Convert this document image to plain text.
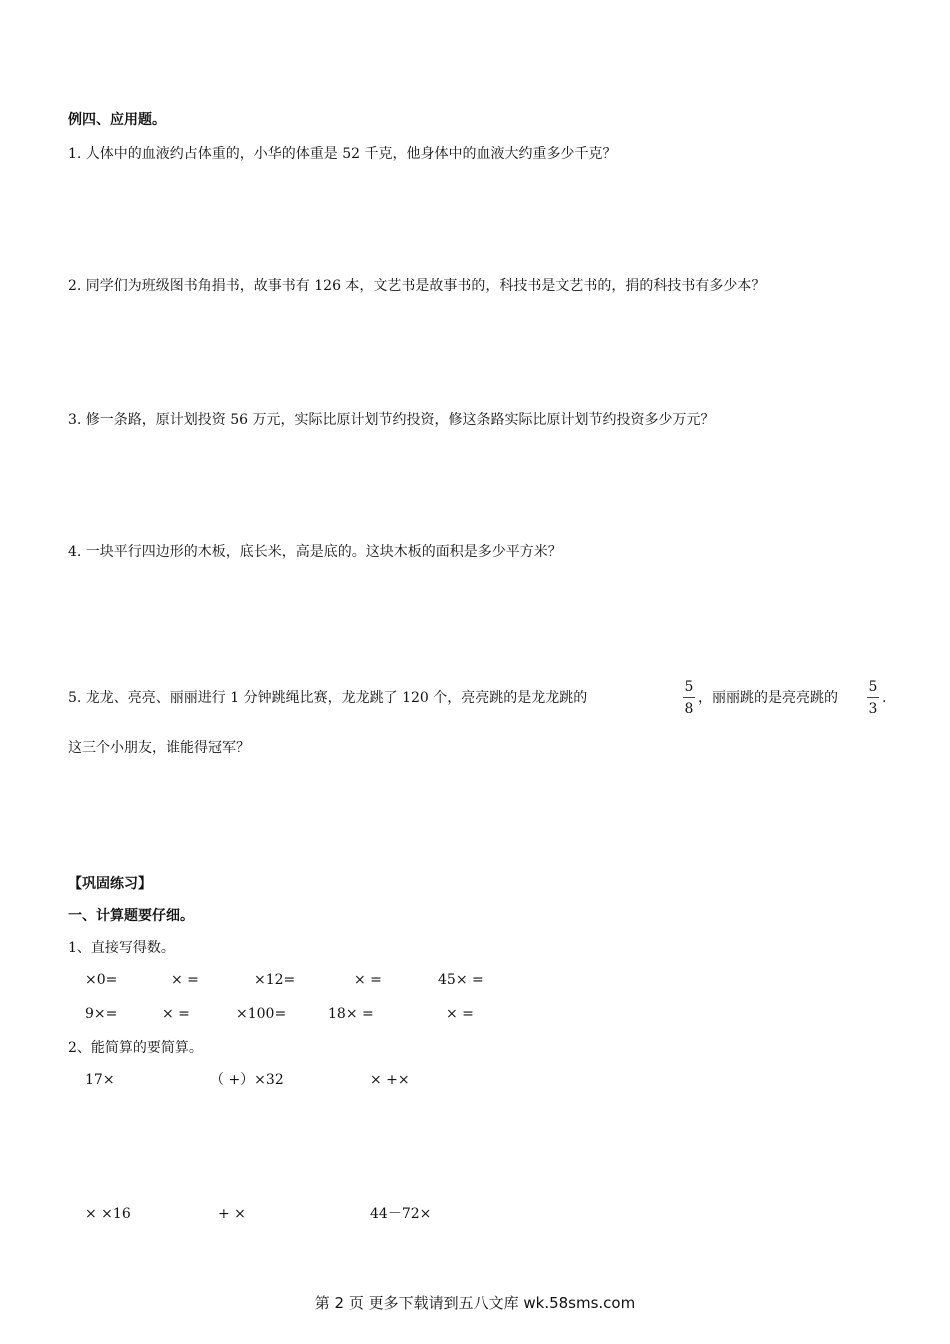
例四、应用题。
1. 人体中的血液约占体重的，小华的体重是 52 千克，他身体中的血液大约重多少千克？
2. 同学们为班级图书角捐书，故事书有 126 本，文艺书是故事书的，科技书是文艺书的，捐的科技书有多少本？
3. 修一条路，原计划投资 56 万元，实际比原计划节约投资，修这条路实际比原计划节约投资多少万元？
4. 一块平行四边形的木板，底长米，高是底的。这块木板的面积是多少平方米？
5. 龙龙、亮亮、丽丽进行 1 分钟跳绳比赛，龙龙跳了 120 个，亮亮跳的是龙龙跳的
5
8
，丽丽跳的是亮亮跳的
5
3
.
这三个小朋友，谁能得冠军？
【巩固练习】
一、计算题要仔细。
1、直接写得数。
×0=	× =	×12=	× =	45× =
9×=	× =	×100=	18× =	× =
2、能简算的要简算。
17×	（ +）×32	× +×
× ×16	+ ×	44－72×
第 2 页 更多下载请到五八文库 wk.58sms.com
